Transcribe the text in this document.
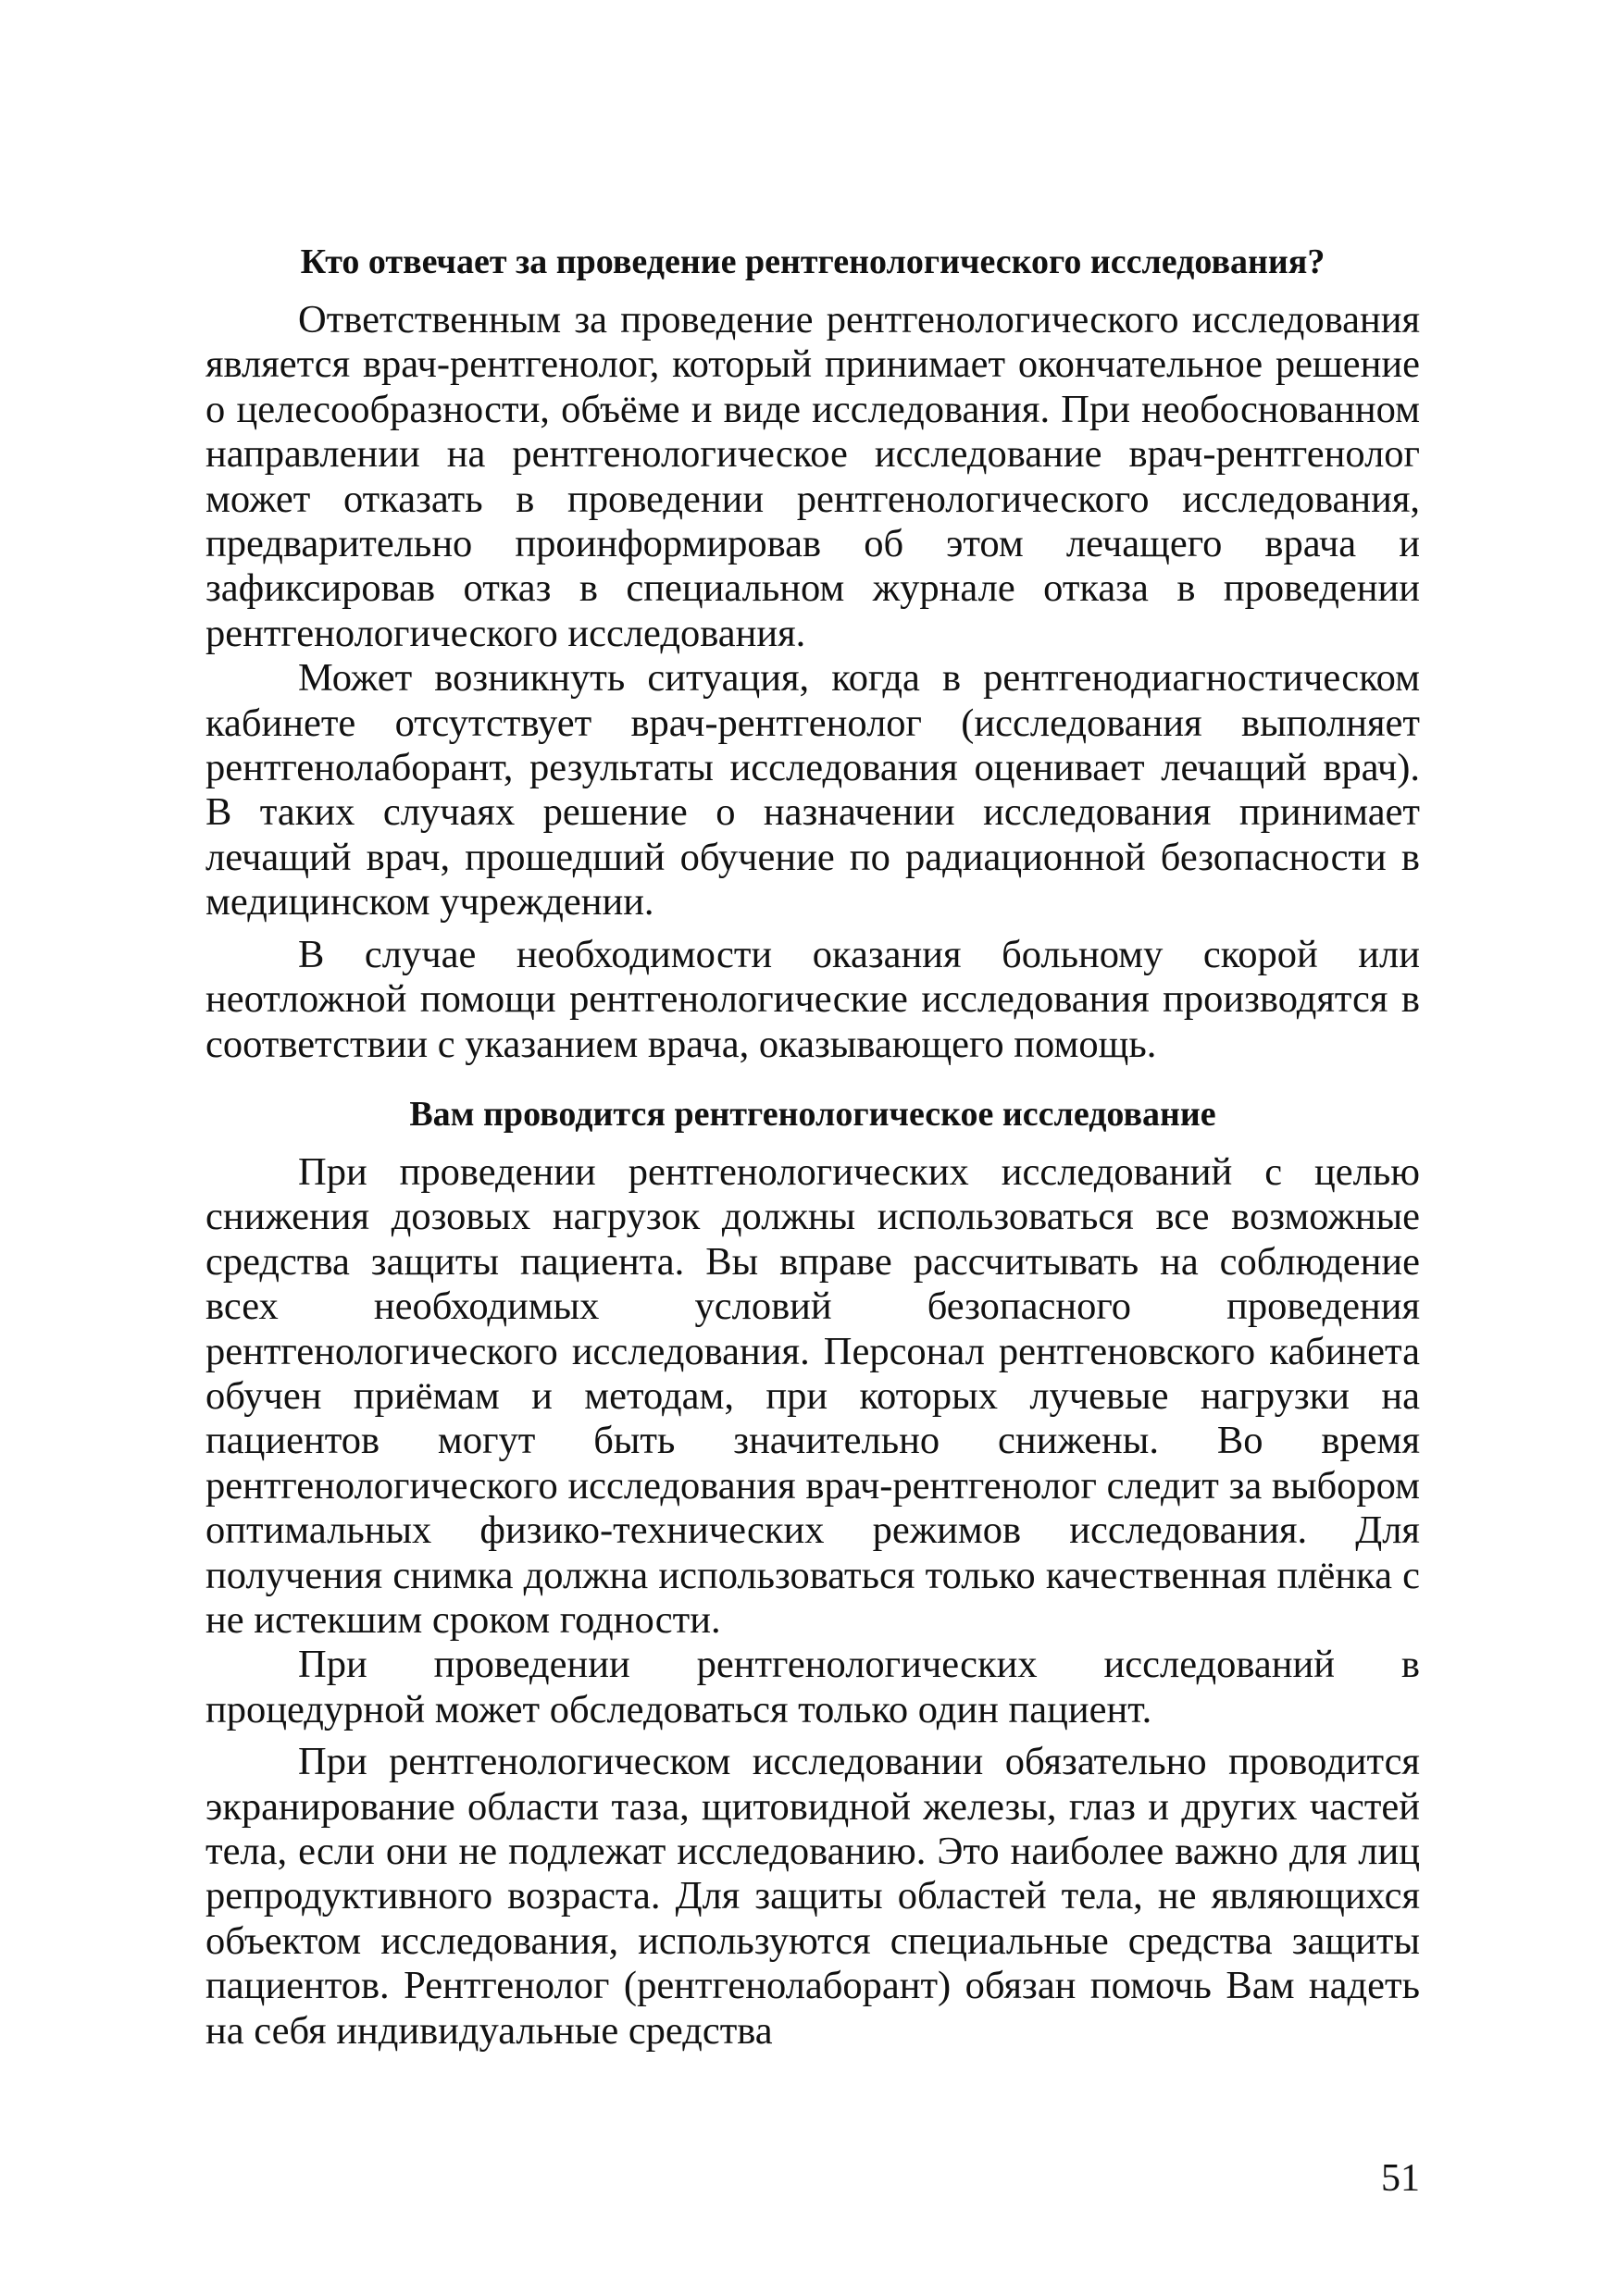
Кто отвечает за проведение рентгенологического исследования?

Ответственным за проведение рентгенологического исследования является врач-рентгенолог, который принимает окончательное решение о целесообразности, объёме и виде исследования. При необоснованном направлении на рентгенологическое исследование врач-рентгенолог может отказать в проведении рентгенологического исследования, предварительно проинформировав об этом лечащего врача и зафиксировав отказ в специальном журнале отказа в проведении рентгенологического исследования.

Может возникнуть ситуация, когда в рентгенодиагностическом кабинете отсутствует врач-рентгенолог (исследования выполняет рентгенолаборант, результаты исследования оценивает лечащий врач). В таких случаях решение о назначении исследования принимает лечащий врач, прошедший обучение по радиационной безопасности в медицинском учреждении.

В случае необходимости оказания больному скорой или неотложной помощи рентгенологические исследования производятся в соответствии с указанием врача, оказывающего помощь.

Вам проводится рентгенологическое исследование

При проведении рентгенологических исследований с целью снижения дозовых нагрузок должны использоваться все возможные средства защиты пациента. Вы вправе рассчитывать на соблюдение всех необходимых условий безопасного проведения рентгенологического исследования. Персонал рентгеновского кабинета обучен приёмам и методам, при которых лучевые нагрузки на пациентов могут быть значительно снижены. Во время рентгенологического исследования врач-рентгенолог следит за выбором оптимальных физико-технических режимов исследования. Для получения снимка должна использоваться только качественная плёнка с не истекшим сроком годности.

При проведении рентгенологических исследований в процедурной может обследоваться только один пациент.

При рентгенологическом исследовании обязательно проводится экранирование области таза, щитовидной железы, глаз и других частей тела, если они не подлежат исследованию. Это наиболее важно для лиц репродуктивного возраста. Для защиты областей тела, не являющихся объектом исследования, используются специальные средства защиты пациентов. Рентгенолог (рентгенолаборант) обязан помочь Вам надеть на себя индивидуальные средства

51
